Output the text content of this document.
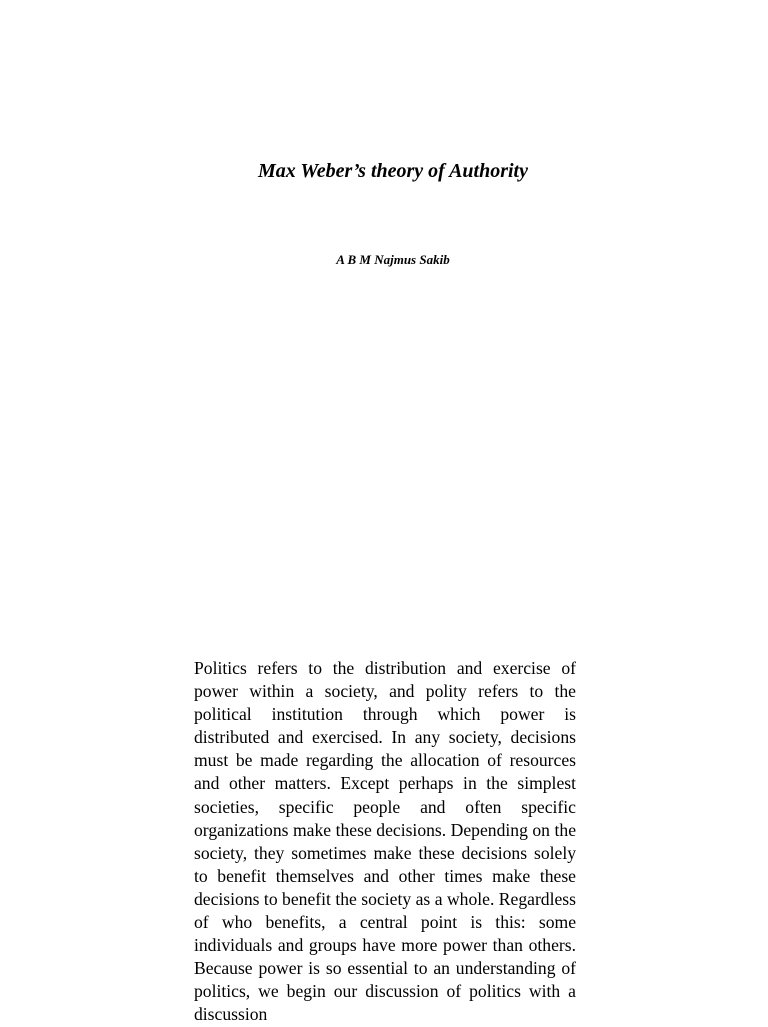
Max Weber’s theory of Authority

A B M Najmus Sakib

Politics refers to the distribution and exercise of power within a society, and polity refers to the political institution through which power is distributed and exercised. In any society, decisions must be made regarding the allocation of resources and other matters. Except perhaps in the simplest societies, specific people and often specific organizations make these decisions. Depending on the society, they sometimes make these decisions solely to benefit themselves and other times make these decisions to benefit the society as a whole. Regardless of who benefits, a central point is this: some individuals and groups have more power than others. Because power is so essential to an understanding of politics, we begin our discussion of politics with a discussion
